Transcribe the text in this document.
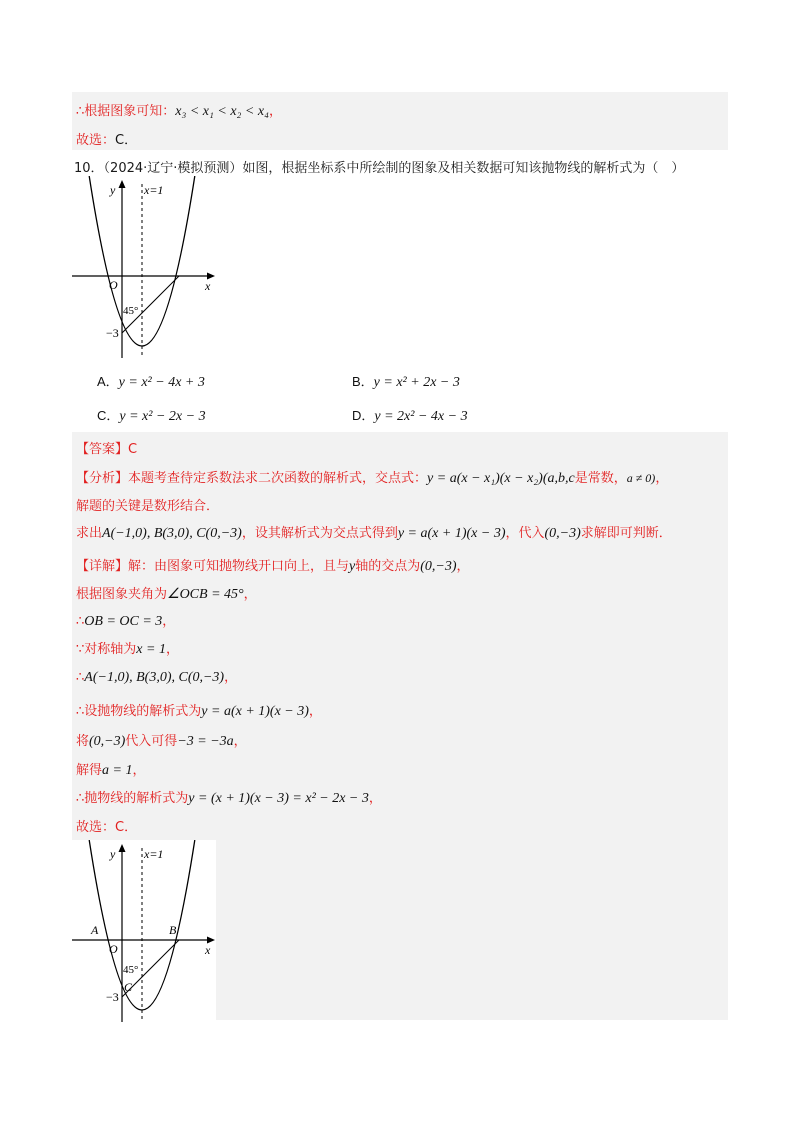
∴根据图象可知：x₃ < x₁ < x₂ < x₄，
故选：C．
10．（2024·辽宁·模拟预测）如图，根据坐标系中所绘制的图象及相关数据可知该抛物线的解析式为（　）
y x=1
x
O
45°
−3
A．y = x² − 4x + 3	B．y = x² + 2x − 3
C．y = x² − 2x − 3	D．y = 2x² − 4x − 3
【答案】C
【分析】本题考查待定系数法求二次函数的解析式，交点式：y = a(x − x₁)(x − x₂)(a,b,c是常数，a ≠ 0)，
解题的关键是数形结合．
求出A(−1,0), B(3,0), C(0,−3)，设其解析式为交点式得到y = a(x + 1)(x − 3)，代入(0,−3)求解即可判断．
【详解】解：由图象可知抛物线开口向上，且与y轴的交点为(0,−3)，
根据图象夹角为∠OCB = 45°，
∴OB = OC = 3，
∵对称轴为x = 1，
∴A(−1,0), B(3,0), C(0,−3)，
∴设抛物线的解析式为y = a(x + 1)(x − 3)，
将(0,−3)代入可得−3 = −3a，
解得a = 1，
∴抛物线的解析式为y = (x + 1)(x − 3) = x² − 2x − 3，
故选：C．
y x=1
x
O
A	B
C
45°
−3
